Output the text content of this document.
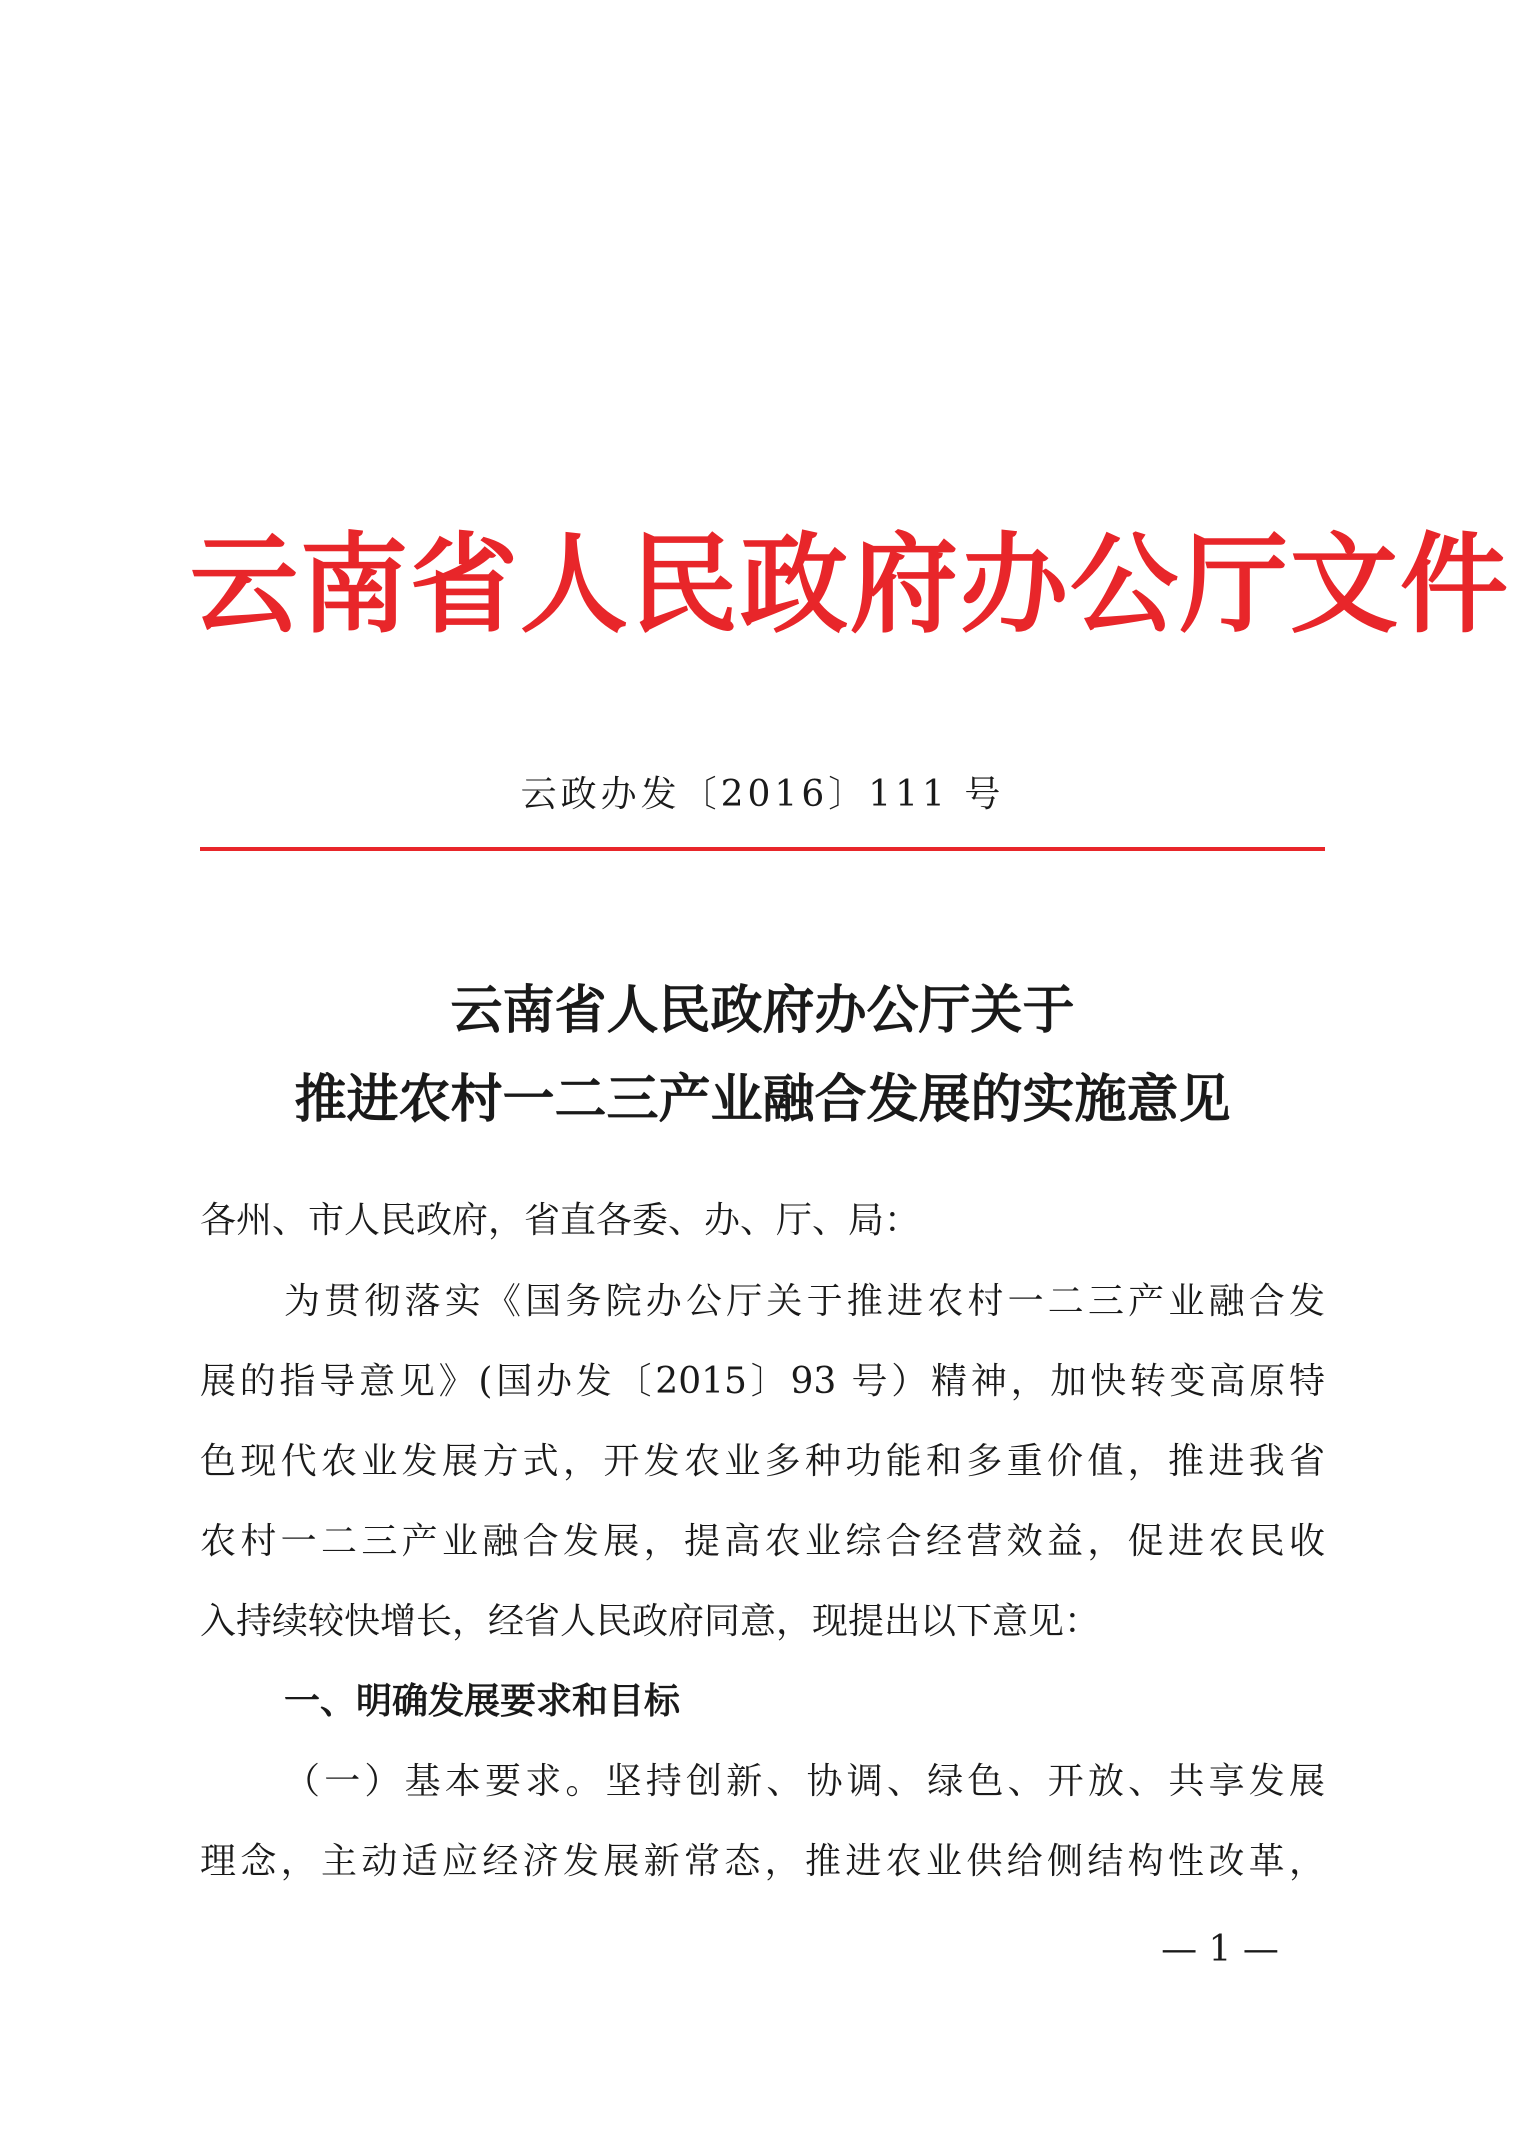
云南省人民政府办公厅文件
云政办发〔2016〕111 号
云南省人民政府办公厅关于
推进农村一二三产业融合发展的实施意见
各州、市人民政府，省直各委、办、厅、局：
为贯彻落实《国务院办公厅关于推进农村一二三产业融合发
展的指导意见》(国办发〔2015〕93 号）精神，加快转变高原特
色现代农业发展方式，开发农业多种功能和多重价值，推进我省
农村一二三产业融合发展，提高农业综合经营效益，促进农民收
入持续较快增长，经省人民政府同意，现提出以下意见：
一、明确发展要求和目标
（一）基本要求。坚持创新、协调、绿色、开放、共享发展
理念，主动适应经济发展新常态，推进农业供给侧结构性改革，
— 1 —
